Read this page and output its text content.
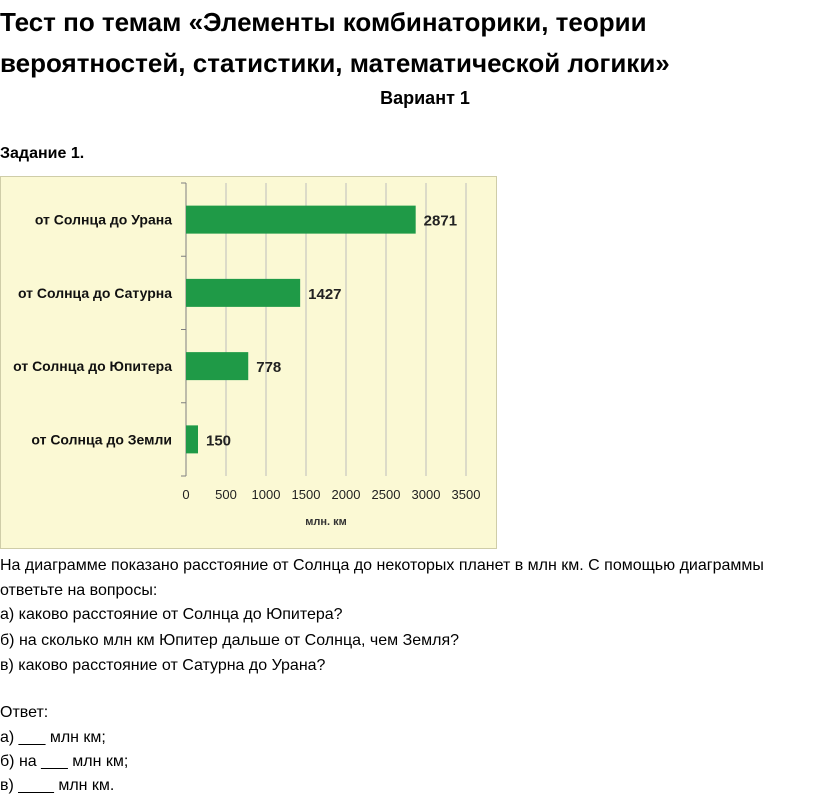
Тест по темам «Элементы комбинаторики, теории вероятностей, статистики, математической логики»
Вариант 1
Задание 1.
от Солнца до Урана	2871
от Солнца до Сатурна	1427
от Солнца до Юпитера	778
от Солнца до Земли 150
0 500 1000 1500 2000 2500 3000 3500
млн. км
На диаграмме показано расстояние от Солнца до некоторых планет в млн км. С помощью диаграммы
ответьте на вопросы:
а) каково расстояние от Солнца до Юпитера?
б) на сколько млн км Юпитер дальше от Солнца, чем Земля?
в) каково расстояние от Сатурна до Урана?
Ответ:
а) ___ млн км;
б) на ___ млн км;
в) ____ млн км.
